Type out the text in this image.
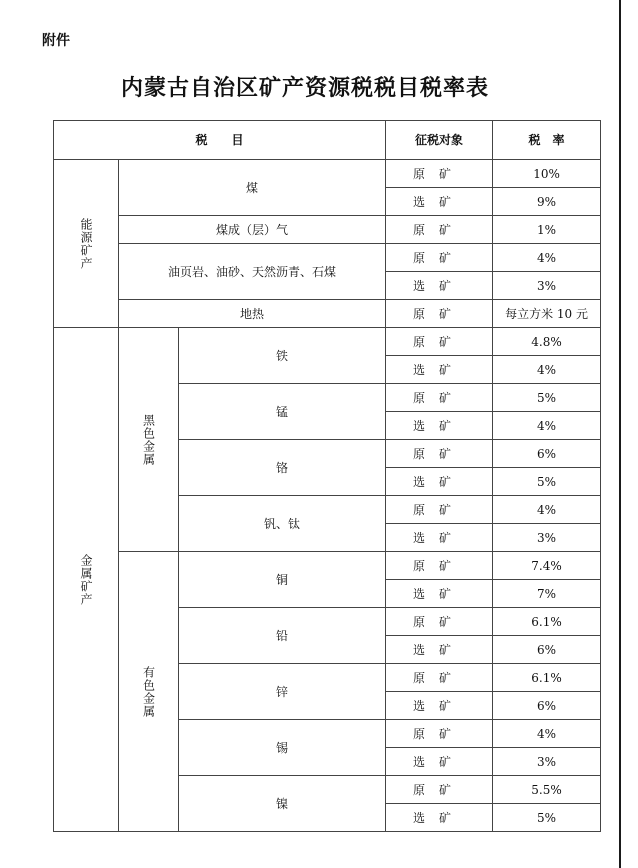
附件
内蒙古自治区矿产资源税税目税率表
税　　目			征税对象	税　率

能源矿产	煤		原矿	10%
			选矿	9%
	煤成（层）气		原矿	1%
	油页岩、油砂、天然沥青、石煤		原矿	4%
			选矿	3%
	地热		原矿	每立方米 10 元

金属矿产	黑色金属	铁	原矿	4.8%
			选矿	4%
		锰	原矿	5%
			选矿	4%
		铬	原矿	6%
			选矿	5%
		钒、钛	原矿	4%
			选矿	3%

	有色金属	铜	原矿	7.4%
			选矿	7%
		铅	原矿	6.1%
			选矿	6%
		锌	原矿	6.1%
			选矿	6%
		锡	原矿	4%
			选矿	3%
		镍	原矿	5.5%
			选矿	5%
